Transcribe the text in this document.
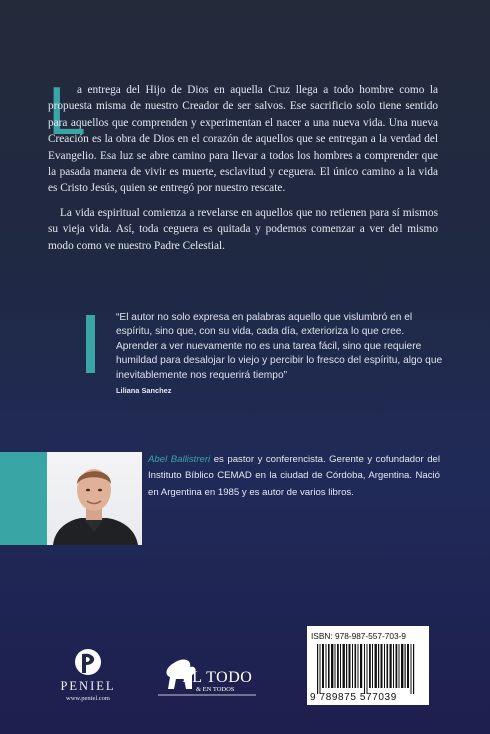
L

a entrega del Hijo de Dios en aquella Cruz llega a todo hombre como la propuesta misma de nuestro Creador de ser salvos. Ese sacrificio solo tiene sentido para aquellos que comprenden y experimentan el nacer a una nueva vida. Una nueva Creación es la obra de Dios en el corazón de aquellos que se entregan a la verdad del Evangelio. Esa luz se abre camino para llevar a todos los hombres a comprender que la pasada manera de vivir es muerte, esclavitud y ceguera. El único camino a la vida es Cristo Jesús, quien se entregó por nuestro rescate.

La vida espiritual comienza a revelarse en aquellos que no retienen para sí mismos su vieja vida. Así, toda ceguera es quitada y podemos comenzar a ver del mismo modo como ve nuestro Padre Celestial.

“El autor no solo expresa en palabras aquello que vislumbró en el espíritu, sino que, con su vida, cada día, exterioriza lo que cree. Aprender a ver nuevamente no es una tarea fácil, sino que requiere humildad para desalojar lo viejo y percibir lo fresco del espíritu, algo que inevitablemente nos requerirá tiempo”
Liliana Sanchez
Abel Ballistreri es pastor y conferencista. Gerente y cofundador del Instituto Bíblico CEMAD en la ciudad de Córdoba, Argentina. Nació en Argentina en 1985 y es autor de varios libros.
PENIEL
www.peniel.com
EL TODO
& EN TODOS
ISBN: 978-987-557-703-9
9 789875 577039
